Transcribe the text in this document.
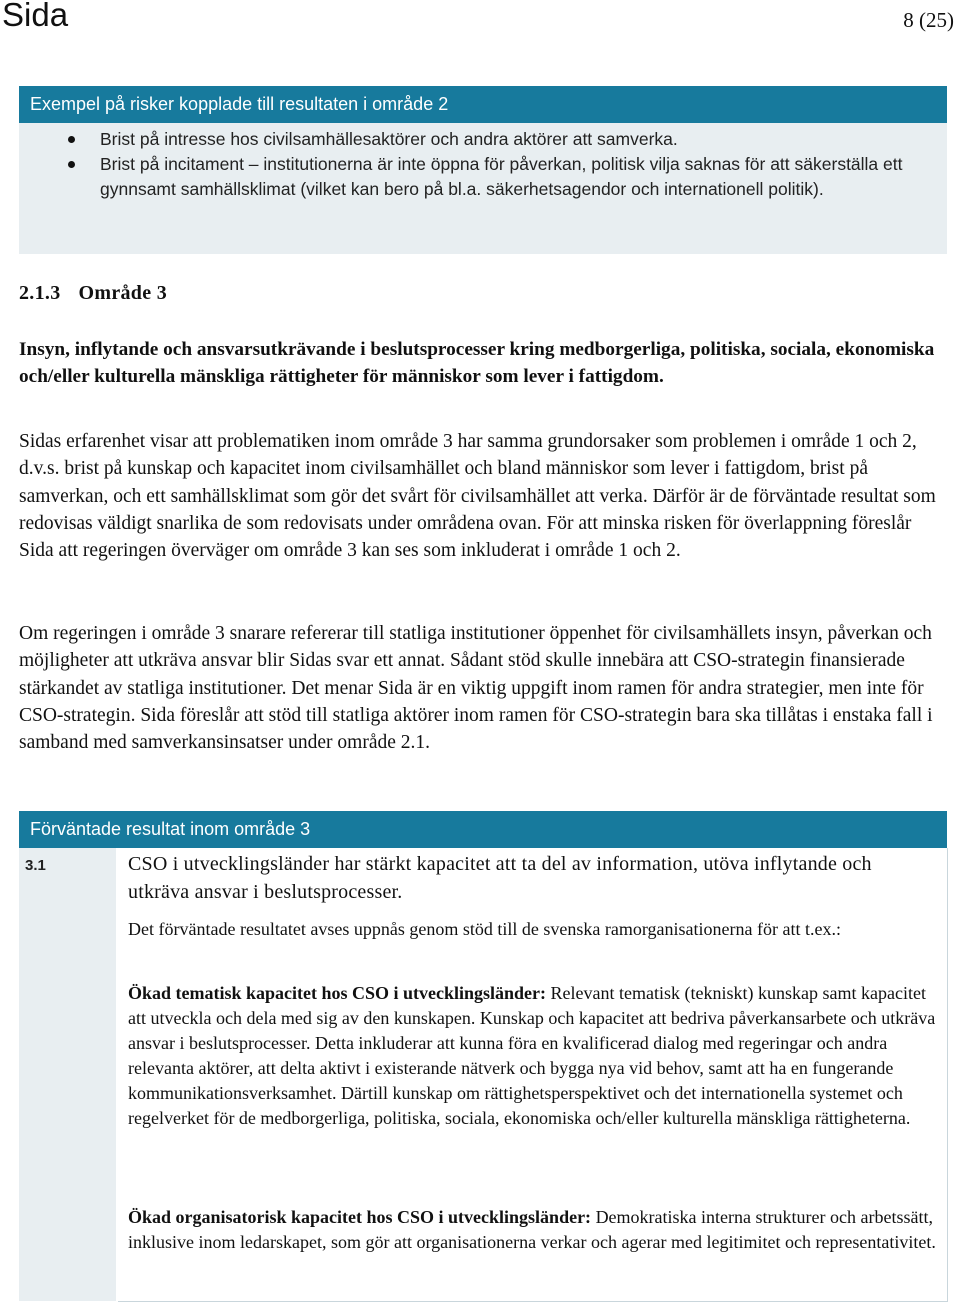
Sida	8 (25)
Exempel på risker kopplade till resultaten i område 2
Brist på intresse hos civilsamhällesaktörer och andra aktörer att samverka.
Brist på incitament – institutionerna är inte öppna för påverkan, politisk vilja saknas för att säkerställa ett gynnsamt samhällsklimat (vilket kan bero på bl.a. säkerhetsagendor och internationell politik).
2.1.3 Område 3
Insyn, inflytande och ansvarsutkrävande i beslutsprocesser kring medborgerliga, politiska, sociala, ekonomiska och/eller kulturella mänskliga rättigheter för människor som lever i fattigdom.
Sidas erfarenhet visar att problematiken inom område 3 har samma grundorsaker som problemen i område 1 och 2, d.v.s. brist på kunskap och kapacitet inom civilsamhället och bland människor som lever i fattigdom, brist på samverkan, och ett samhällsklimat som gör det svårt för civilsamhället att verka. Därför är de förväntade resultat som redovisas väldigt snarlika de som redovisats under områdena ovan. För att minska risken för överlappning föreslår Sida att regeringen överväger om område 3 kan ses som inkluderat i område 1 och 2.
Om regeringen i område 3 snarare refererar till statliga institutioner öppenhet för civilsamhällets insyn, påverkan och möjligheter att utkräva ansvar blir Sidas svar ett annat. Sådant stöd skulle innebära att CSO-strategin finansierade stärkandet av statliga institutioner. Det menar Sida är en viktig uppgift inom ramen för andra strategier, men inte för CSO-strategin. Sida föreslår att stöd till statliga aktörer inom ramen för CSO-strategin bara ska tillåtas i enstaka fall i samband med samverkansinsatser under område 2.1.
Förväntade resultat inom område 3
3.1	CSO i utvecklingsländer har stärkt kapacitet att ta del av information, utöva inflytande och utkräva ansvar i beslutsprocesser.
Det förväntade resultatet avses uppnås genom stöd till de svenska ramorganisationerna för att t.ex.:
Ökad tematisk kapacitet hos CSO i utvecklingsländer: Relevant tematisk (tekniskt) kunskap samt kapacitet att utveckla och dela med sig av den kunskapen. Kunskap och kapacitet att bedriva påverkansarbete och utkräva ansvar i beslutsprocesser. Detta inkluderar att kunna föra en kvalificerad dialog med regeringar och andra relevanta aktörer, att delta aktivt i existerande nätverk och bygga nya vid behov, samt att ha en fungerande kommunikationsverksamhet. Därtill kunskap om rättighetsperspektivet och det internationella systemet och regelverket för de medborgerliga, politiska, sociala, ekonomiska och/eller kulturella mänskliga rättigheterna.
Ökad organisatorisk kapacitet hos CSO i utvecklingsländer: Demokratiska interna strukturer och arbetssätt, inklusive inom ledarskapet, som gör att organisationerna verkar och agerar med legitimitet och representativitet.
